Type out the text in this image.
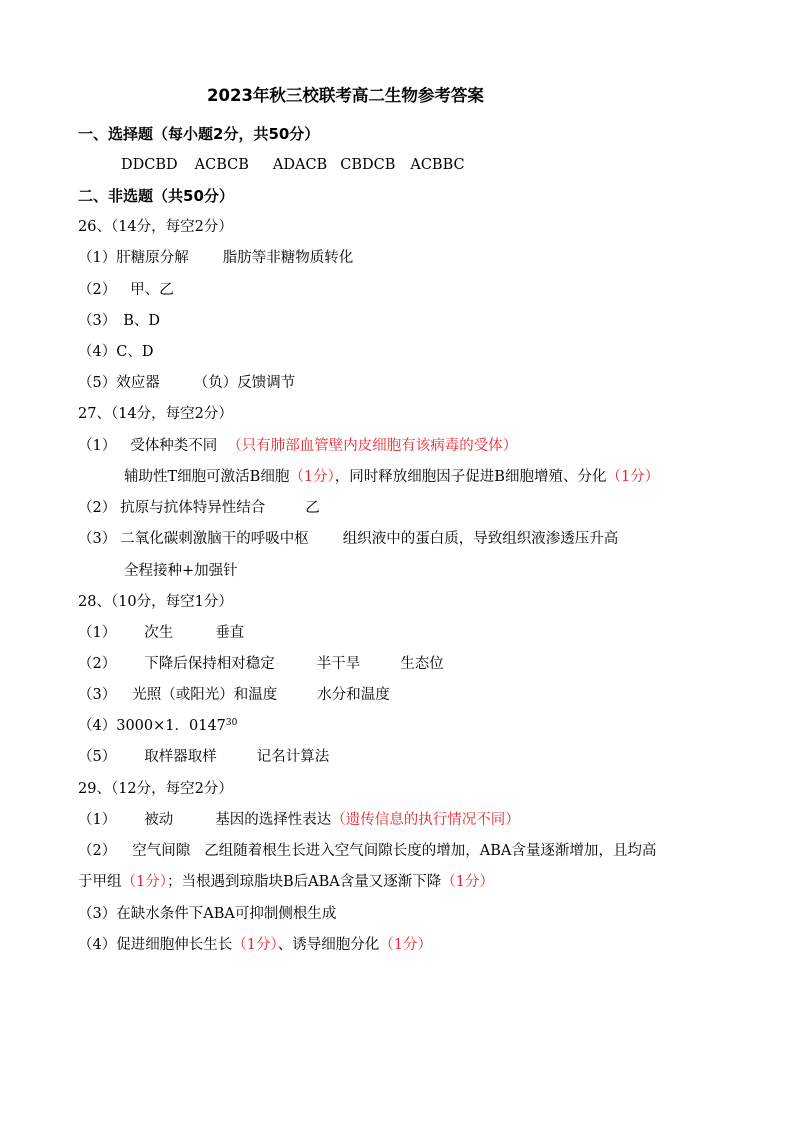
2023年秋三校联考高二生物参考答案
一、选择题（每小题2分，共50分）
DDCBD ACBCB ADACB CBDCB ACBBC
二、非选题（共50分）
26、（14分，每空2分）
（1）肝糖原分解 脂肪等非糖物质转化
（2） 甲、乙
（3） B、D
（4）C、D
（5）效应器 （负）反馈调节
27、（14分，每空2分）
（1） 受体种类不同 （只有肺部血管壁内皮细胞有该病毒的受体）
辅助性T细胞可激活B细胞（1分），同时释放细胞因子促进B细胞增殖、分化（1分）
（2） 抗原与抗体特异性结合	乙
（3） 二氧化碳刺激脑干的呼吸中枢 组织液中的蛋白质，导致组织液渗透压升高
全程接种+加强针
28、（10分，每空1分）
（1） 次生	垂直
（2） 下降后保持相对稳定	半干旱	生态位
（3） 光照（或阳光）和温度	水分和温度
（4）3000×1．0147$^{30}$
（5） 取样器取样	记名计算法
29、（12分，每空2分）
（1） 被动	基因的选择性表达（遗传信息的执行情况不同）
（2） 空气间隙 乙组随着根生长进入空气间隙长度的增加，ABA含量逐渐增加，且均高
于甲组（1分）；当根遇到琼脂块B后ABA含量又逐渐下降（1分）
（3）在缺水条件下ABA可抑制侧根生成
（4）促进细胞伸长生长（1分）、诱导细胞分化（1分）
